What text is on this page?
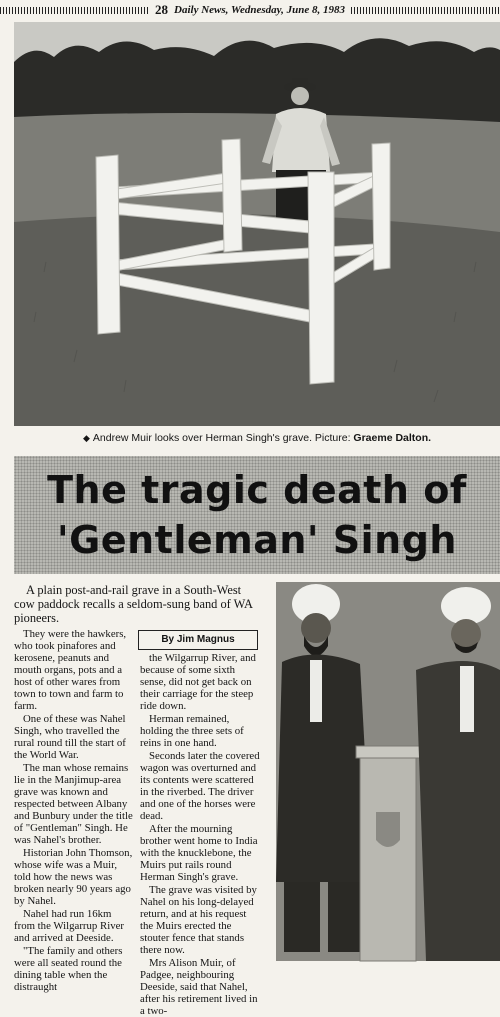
28 Daily News, Wednesday, June 8, 1983
◆ Andrew Muir looks over Herman Singh's grave. Picture: Graeme Dalton.
The tragic death of
'Gentleman' Singh
A plain post-and-rail grave in a South-West cow paddock recalls a seldom-sung band of WA pioneers.
By Jim Magnus

They were the hawkers, who took pinafores and kerosene, peanuts and mouth organs, pots and a host of other wares from town to town and farm to farm.

One of these was Nahel Singh, who travelled the rural round till the start of the World War.

The man whose remains lie in the Manjimup-area grave was known and respected between Albany and Bunbury under the title of "Gentleman" Singh. He was Nahel's brother.

Historian John Thomson, whose wife was a Muir, told how the news was broken nearly 90 years ago by Nahel.

Nahel had run 16km from the Wilgarrup River and arrived at Deeside.

"The family and others were all seated round the dining table when the distraught

the Wilgarrup River, and because of some sixth sense, did not get back on their carriage for the steep ride down.

Herman remained, holding the three sets of reins in one hand.

Seconds later the covered wagon was overturned and its contents were scattered in the riverbed. The driver and one of the horses were dead.

After the mourning brother went home to India with the knucklebone, the Muirs put rails round Herman Singh's grave.

The grave was visited by Nahel on his long-delayed return, and at his request the Muirs erected the stouter fence that stands there now.

Mrs Alison Muir, of Padgee, neighbouring Deeside, said that Nahel, after his retirement lived in a two-
